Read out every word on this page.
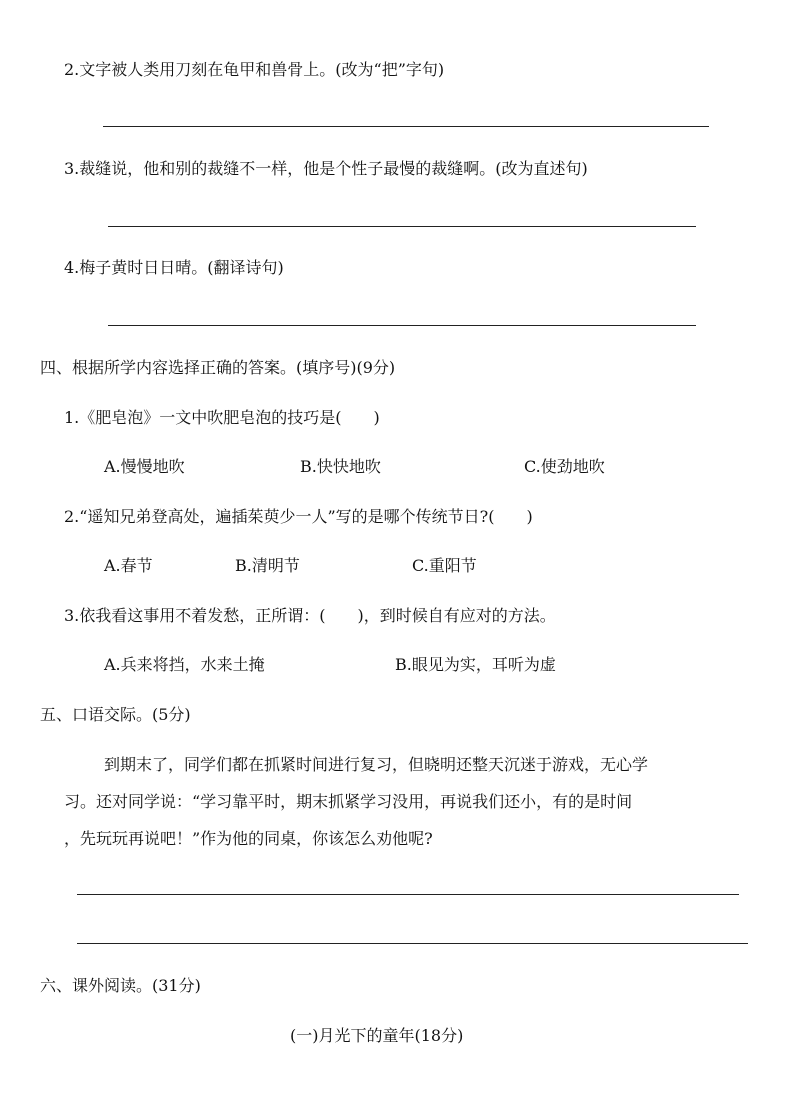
2.文字被人类用刀刻在龟甲和兽骨上。(改为“把”字句)
3.裁缝说，他和别的裁缝不一样，他是个性子最慢的裁缝啊。(改为直述句)
4.梅子黄时日日晴。(翻译诗句)
四、根据所学内容选择正确的答案。(填序号)(9分)
1.《肥皂泡》一文中吹肥皂泡的技巧是(　　)
A.慢慢地吹	B.快快地吹	C.使劲地吹
2.“遥知兄弟登高处，遍插茱萸少一人”写的是哪个传统节日?(　　)
A.春节	B.清明节	C.重阳节
3.依我看这事用不着发愁，正所谓：(　　)，到时候自有应对的方法。
A.兵来将挡，水来土掩	B.眼见为实，耳听为虚
五、口语交际。(5分)
到期末了，同学们都在抓紧时间进行复习，但晓明还整天沉迷于游戏，无心学
习。还对同学说：“学习靠平时，期末抓紧学习没用，再说我们还小，有的是时间
，先玩玩再说吧！”作为他的同桌，你该怎么劝他呢?
六、课外阅读。(31分)
(一)月光下的童年(18分)
